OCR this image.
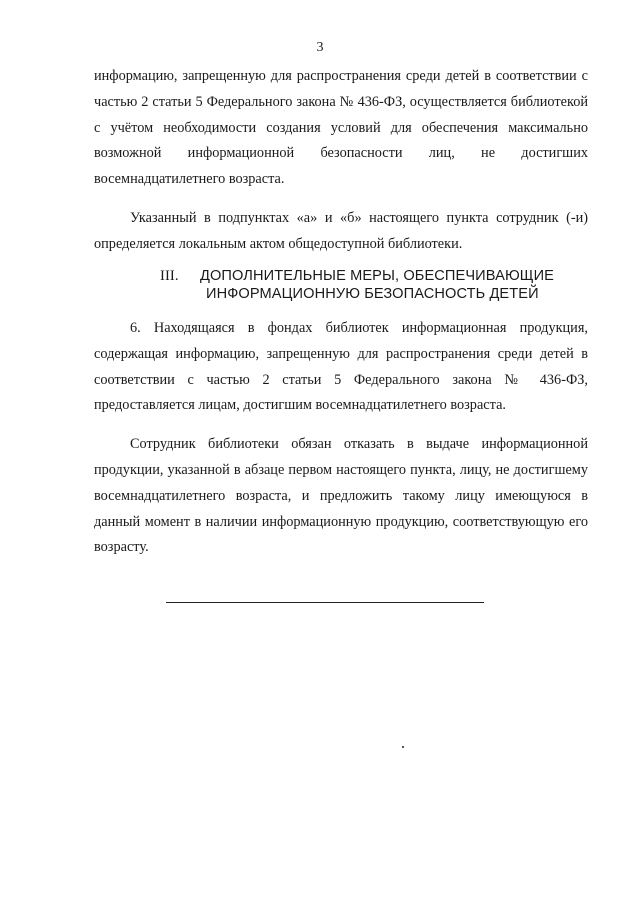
3

информацию, запрещенную для распространения среди детей в соответствии с частью 2 статьи 5 Федерального закона № 436-ФЗ, осуществляется библиотекой с учётом необходимости создания условий для обеспечения максимально возможной информационной безопасности лиц, не достигших восемнадцатилетнего возраста.

Указанный в подпунктах «а» и «б» настоящего пункта сотрудник (-и) определяется локальным актом общедоступной библиотеки.

III. ДОПОЛНИТЕЛЬНЫЕ МЕРЫ, ОБЕСПЕЧИВАЮЩИЕ
ИНФОРМАЦИОННУЮ БЕЗОПАСНОСТЬ ДЕТЕЙ

6. Находящаяся в фондах библиотек информационная продукция, содержащая информацию, запрещенную для распространения среди детей в соответствии с частью 2 статьи 5 Федерального закона № 436-ФЗ, предоставляется лицам, достигшим восемнадцатилетнего возраста.

Сотрудник библиотеки обязан отказать в выдаче информационной продукции, указанной в абзаце первом настоящего пункта, лицу, не достигшему восемнадцатилетнего возраста, и предложить такому лицу имеющуюся в данный момент в наличии информационную продукцию, соответствующую его возрасту.
